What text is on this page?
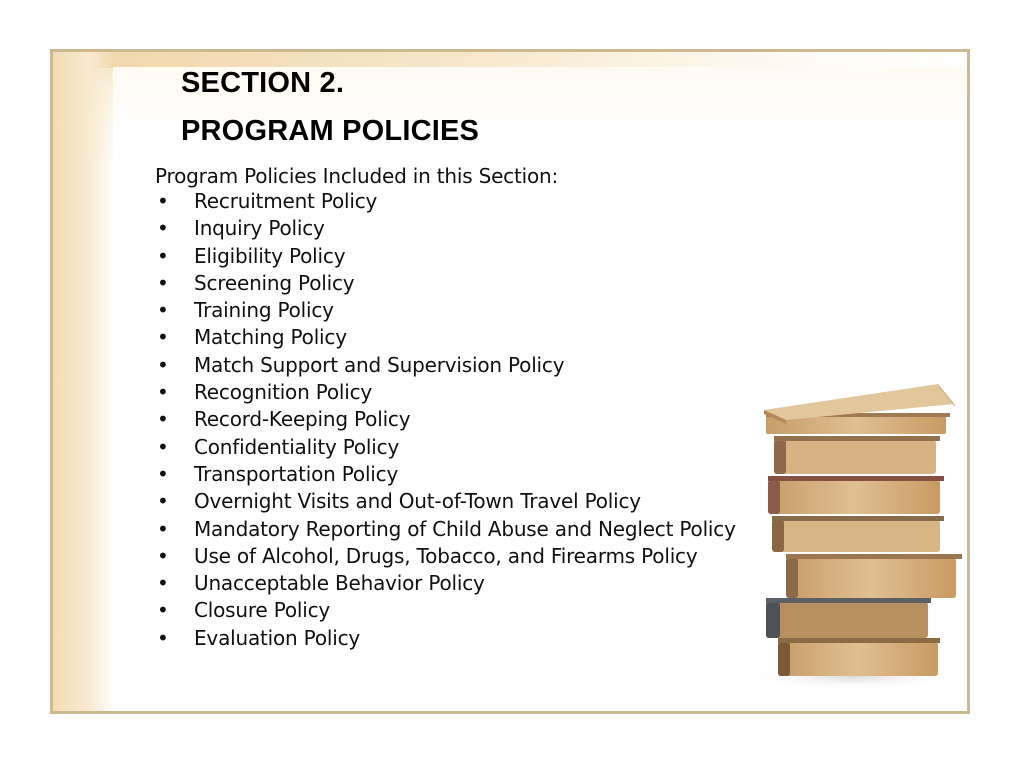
SECTION 2.
PROGRAM POLICIES

Program Policies Included in this Section:

• Recruitment Policy
• Inquiry Policy
• Eligibility Policy
• Screening Policy
• Training Policy
• Matching Policy
• Match Support and Supervision Policy
• Recognition Policy
• Record-Keeping Policy
• Confidentiality Policy
• Transportation Policy
• Overnight Visits and Out-of-Town Travel Policy
• Mandatory Reporting of Child Abuse and Neglect Policy
• Use of Alcohol, Drugs, Tobacco, and Firearms Policy
• Unacceptable Behavior Policy
• Closure Policy
• Evaluation Policy
